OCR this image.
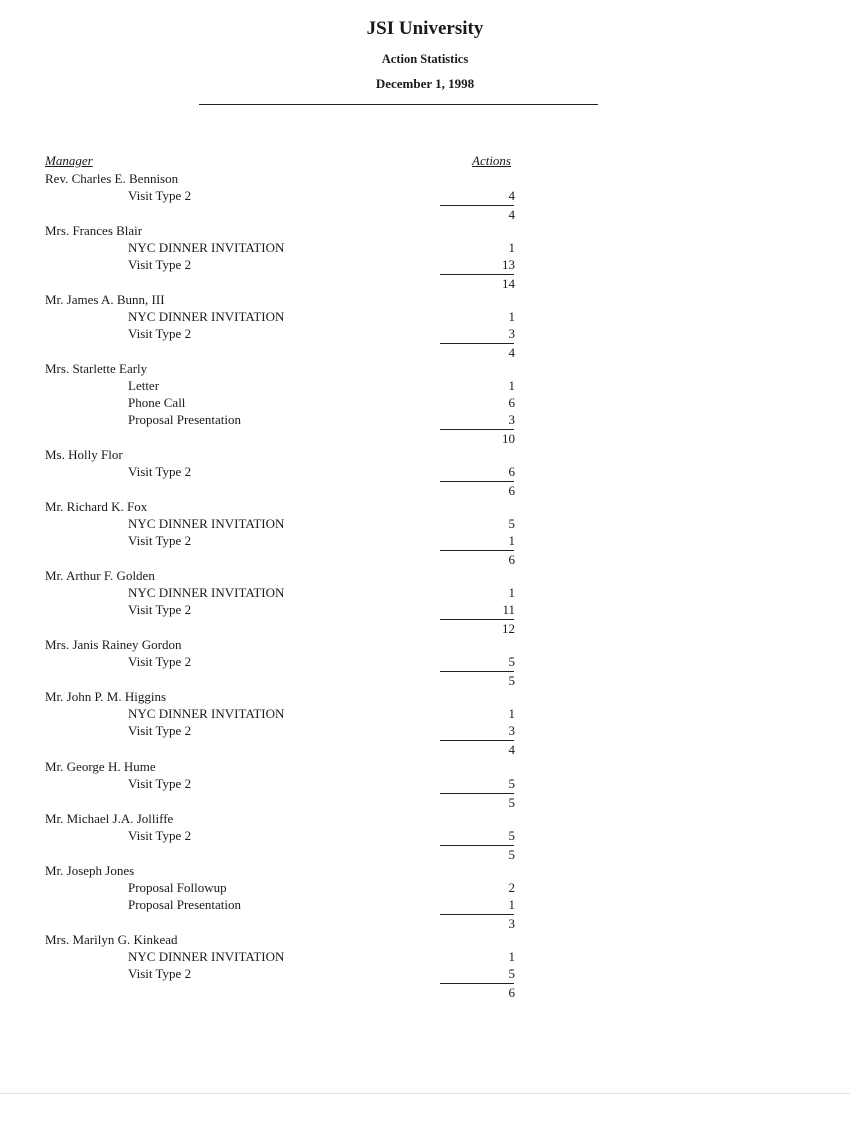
JSI University
Action Statistics
December 1, 1998
Manager	Actions
Rev. Charles E. Bennison
Visit Type 2	4
4
Mrs. Frances Blair
NYC DINNER INVITATION	1
Visit Type 2	13
14
Mr. James A. Bunn, III
NYC DINNER INVITATION	1
Visit Type 2	3
4
Mrs. Starlette Early
Letter	1
Phone Call	6
Proposal Presentation	3
10
Ms. Holly Flor
Visit Type 2	6
6
Mr. Richard K. Fox
NYC DINNER INVITATION	5
Visit Type 2	1
6
Mr. Arthur F. Golden
NYC DINNER INVITATION	1
Visit Type 2	11
12
Mrs. Janis Rainey Gordon
Visit Type 2	5
5
Mr. John P. M. Higgins
NYC DINNER INVITATION	1
Visit Type 2	3
4
Mr. George H. Hume
Visit Type 2	5
5
Mr. Michael J.A. Jolliffe
Visit Type 2	5
5
Mr. Joseph Jones
Proposal Followup	2
Proposal Presentation	1
3
Mrs. Marilyn G. Kinkead
NYC DINNER INVITATION	1
Visit Type 2	5
6
